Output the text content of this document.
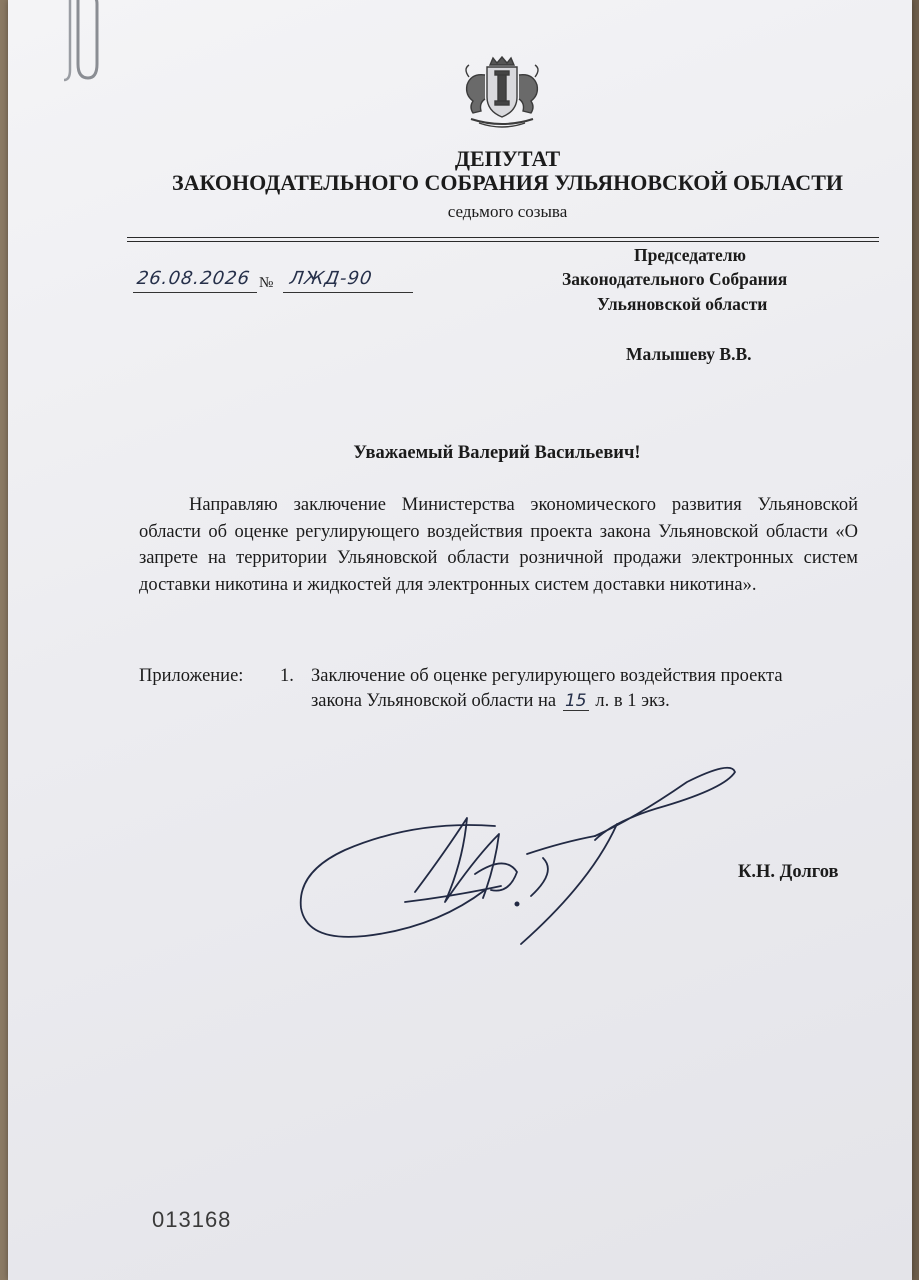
ДЕПУТАТ
ЗАКОНОДАТЕЛЬНОГО СОБРАНИЯ УЛЬЯНОВСКОЙ ОБЛАСТИ
седьмого созыва
26.08.2026 № ЛЖД-90
Председателю
Законодательного Собрания
Ульяновской области
Малышеву В.В.
Уважаемый Валерий Васильевич!

Направляю заключение Министерства экономического развития Ульяновской области об оценке регулирующего воздействия проекта закона Ульяновской области «О запрете на территории Ульяновской области розничной продажи электронных систем доставки никотина и жидкостей для электронных систем доставки никотина».

Приложение: 1. Заключение об оценке регулирующего воздействия проекта
закона Ульяновской области на 15 л. в 1 экз.
К.Н. Долгов
013168
